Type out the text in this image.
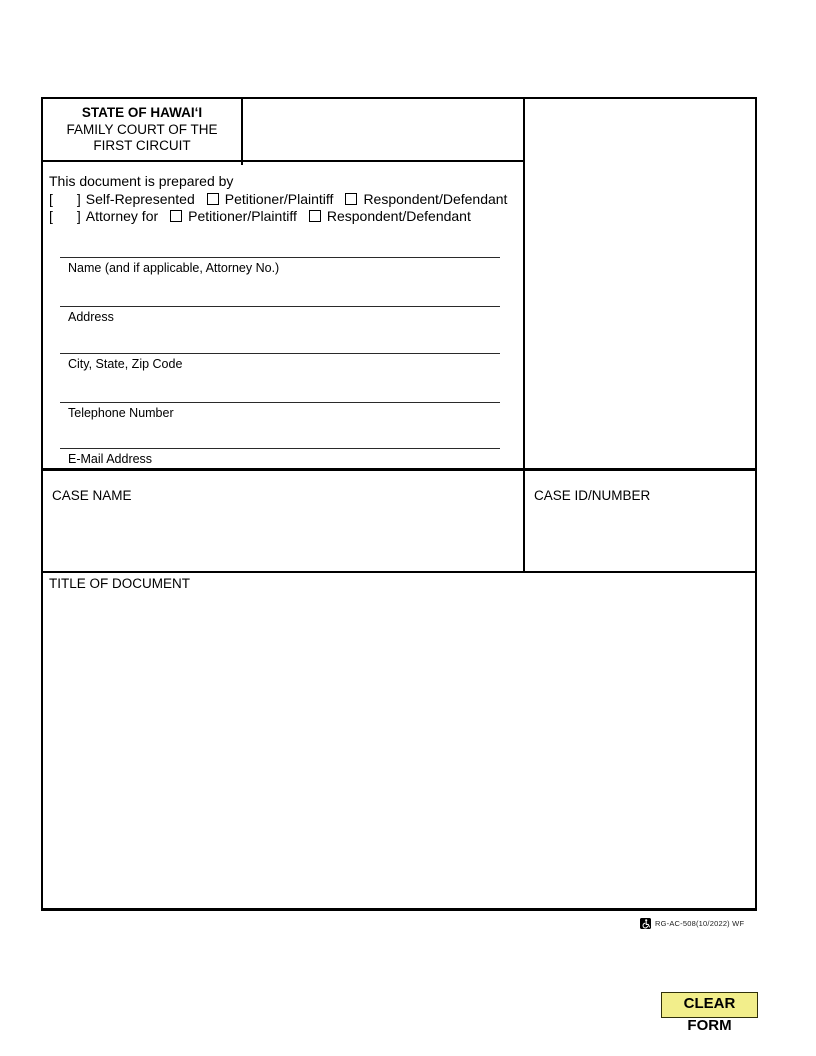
STATE OF HAWAI‘I
FAMILY COURT OF THE
FIRST CIRCUIT
This document is prepared by
[ ] Self-Represented Petitioner/Plaintiff Respondent/Defendant
[ ] Attorney for Petitioner/Plaintiff Respondent/Defendant
Name (and if applicable, Attorney No.)
Address
City, State, Zip Code
Telephone Number
E-Mail Address
CASE NAME	CASE ID/NUMBER
TITLE OF DOCUMENT
RG-AC-508(10/2022) WF
CLEAR FORM
